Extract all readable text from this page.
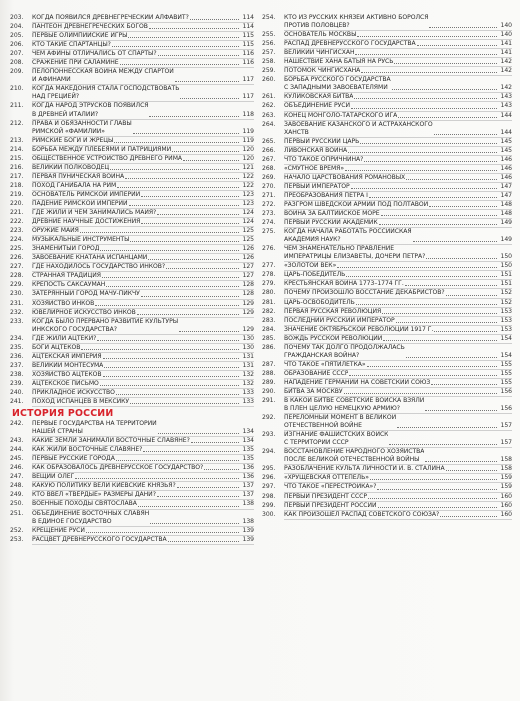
203.	КОГДА ПОЯВИЛСЯ ДРЕВНЕГРЕЧЕСКИЙ АЛФАВИТ?	114
204.	ПАНТЕОН ДРЕВНЕГРЕЧЕСКИХ БОГОВ	114
205.	ПЕРВЫЕ ОЛИМПИЙСКИЕ ИГРЫ	115
206.	КТО ТАКИЕ СПАРТАНЦЫ?	115
207.	ЧЕМ АФИНЫ ОТЛИЧАЛИСЬ ОТ СПАРТЫ?	116
208.	СРАЖЕНИЕ ПРИ САЛАМИНЕ	116
209.	ПЕЛОПОННЕССКАЯ ВОЙНА МЕЖДУ СПАРТОЙ
И АФИНАМИ	117
210.	КОГДА МАКЕДОНИЯ СТАЛА ГОСПОДСТВОВАТЬ
НАД ГРЕЦИЕЙ?	117
211.	КОГДА НАРОД ЭТРУСКОВ ПОЯВИЛСЯ
В ДРЕВНЕЙ ИТАЛИИ?	118
212.	ПРАВА И ОБЯЗАННОСТИ ГЛАВЫ
РИМСКОЙ «ФАМИЛИИ»	119
213.	РИМСКИЕ БОГИ И ЖРЕЦЫ	119
214.	БОРЬБА МЕЖДУ ПЛЕБЕЯМИ И ПАТРИЦИЯМИ	120
215.	ОБЩЕСТВЕННОЕ УСТРОЙСТВО ДРЕВНЕГО РИМА	120
216.	ВЕЛИКИЙ ПОЛКОВОДЕЦ	121
217.	ПЕРВАЯ ПУНИЧЕСКАЯ ВОЙНА	122
218.	ПОХОД ГАНИБАЛА НА РИМ	122
219.	ОСНОВАТЕЛЬ РИМСКОЙ ИМПЕРИИ	123
220.	ПАДЕНИЕ РИМСКОЙ ИМПЕРИИ	123
221.	ГДЕ ЖИЛИ И ЧЕМ ЗАНИМАЛИСЬ МАЙЯ?	124
222.	ДРЕВНИЕ НАУЧНЫЕ ДОСТИЖЕНИЯ	124
223.	ОРУЖИЕ МАЙЯ	125
224.	МУЗЫКАЛЬНЫЕ ИНСТРУМЕНТЫ	125
225.	ЗНАМЕНИТЫЙ ГОРОД	126
226.	ЗАВОЕВАНИЕ КНАТАНА ИСПАНЦАМИ	126
227.	ГДЕ НАХОДИЛОСЬ ГОСУДАРСТВО ИНКОВ?	127
228.	СТРАННАЯ ТРАДИЦИЯ	127
229.	КРЕПОСТЬ САКСАУМАН	128
230.	ЗАТЕРЯННЫЙ ГОРОД МАЧУ-ПИКЧУ	128
231.	ХОЗЯЙСТВО ИНКОВ	129
232.	ЮВЕЛИРНОЕ ИСКУССТВО ИНКОВ	129
233.	КОГДА БЫЛО ПРЕРВАНО РАЗВИТИЕ КУЛЬТУРЫ
ИНКСКОГО ГОСУДАРСТВА?	129
234.	ГДЕ ЖИЛИ АЦТЕКИ?	130
235.	БОГИ АЦТЕКОВ	130
236.	АЦТЕКСКАЯ ИМПЕРИЯ	131
237.	ВЕЛИКИЙ МОНТЕСУМА	131
238.	ХОЗЯЙСТВО АЦТЕКОВ	132
239.	АЦТЕКСКОЕ ПИСЬМО	132
240.	ПРИКЛАДНОЕ ИСКУССТВО	133
241.	ПОХОД ИСПАНЦЕВ В МЕКСИКУ	133
ИСТОРИЯ РОССИИ
242.	ПЕРВЫЕ ГОСУДАРСТВА НА ТЕРРИТОРИИ
НАШЕЙ СТРАНЫ	134
243.	КАКИЕ ЗЕМЛИ ЗАНИМАЛИ ВОСТОЧНЫЕ СЛАВЯНЕ?	134
244.	КАК ЖИЛИ ВОСТОЧНЫЕ СЛАВЯНЕ?	135
245.	ПЕРВЫЕ РУССКИЕ ГОРОДА	135
246.	КАК ОБРАЗОВАЛОСЬ ДРЕВНЕРУССКОЕ ГОСУДАРСТВО?	136
247.	ВЕЩИЙ ОЛЕГ	136
248.	КАКУЮ ПОЛИТИКУ ВЕЛИ КИЕВСКИЕ КНЯЗЬЯ?	137
249.	КТО ВВЁЛ «ТВЁРДЫЕ» РАЗМЕРЫ ДАНИ?	137
250.	ВОЕННЫЕ ПОХОДЫ СВЯТОСЛАВА	138
251.	ОБЪЕДИНЕНИЕ ВОСТОЧНЫХ СЛАВЯН
В ЕДИНОЕ ГОСУДАРСТВО	138
252.	КРЕЩЕНИЕ РУСИ	139
253.	РАСЦВЕТ ДРЕВНЕРУССКОГО ГОСУДАРСТВА	139
254.	КТО ИЗ РУССКИХ КНЯЗЕЙ АКТИВНО БОРОЛСЯ
ПРОТИВ ПОЛОВЦЕВ?	140
255.	ОСНОВАТЕЛЬ МОСКВЫ	140
256.	РАСПАД ДРЕВНЕРУССКОГО ГОСУДАРСТВА	141
257.	ВЕЛИКИЙ ЧИНГИСХАН	141
258.	НАШЕСТВИЕ ХАНА БАТЫЯ НА РУСЬ	142
259.	ПОТОМОК ЧИНГИСХАНА	142
260.	БОРЬБА РУССКОГО ГОСУДАРСТВА
С ЗАПАДНЫМИ ЗАВОЕВАТЕЛЯМИ	142
261.	КУЛИКОВСКАЯ БИТВА	143
262.	ОБЪЕДИНЕНИЕ РУСИ	143
263.	КОНЕЦ МОНГОЛО-ТАТАРСКОГО ИГА	144
264.	ЗАВОЕВАНИЕ КАЗАНСКОГО И АСТРАХАНСКОГО
ХАНСТВ	144
265.	ПЕРВЫЙ РУССКИЙ ЦАРЬ	145
266.	ЛИВОНСКАЯ ВОЙНА	145
267.	ЧТО ТАКОЕ ОПРИЧНИНА?	146
268.	«СМУТНОЕ ВРЕМЯ»	146
269.	НАЧАЛО ЦАРСТВОВАНИЯ РОМАНОВЫХ	146
270.	ПЕРВЫЙ ИМПЕРАТОР	147
271.	ПРЕОБРАЗОВАНИЯ ПЕТРА I	147
272.	РАЗГРОМ ШВЕДСКОЙ АРМИИ ПОД ПОЛТАВОЙ	148
273.	ВОЙНА ЗА БАЛТИЙСКОЕ МОРЕ	148
274.	ПЕРВЫЙ РУССКИЙ АКАДЕМИК	149
275.	КОГДА НАЧАЛА РАБОТАТЬ РОССИЙСКАЯ
АКАДЕМИЯ НАУК?	149
276.	ЧЕМ ЗНАМЕНАТЕЛЬНО ПРАВЛЕНИЕ
ИМПЕРАТРИЦЫ ЕЛИЗАВЕТЫ, ДОЧЕРИ ПЕТРА?	150
277.	«ЗОЛОТОЙ ВЕК»	150
278.	ЦАРЬ-ПОБЕДИТЕЛЬ	151
279.	КРЕСТЬЯНСКАЯ ВОЙНА 1773–1774 ГГ.	151
280.	ПОЧЕМУ ПРОИЗОШЛО ВОССТАНИЕ ДЕКАБРИСТОВ?	152
281.	ЦАРЬ-ОСВОБОДИТЕЛЬ	152
282.	ПЕРВАЯ РУССКАЯ РЕВОЛЮЦИЯ	153
283.	ПОСЛЕДНИЙ РУССКИЙ ИМПЕРАТОР	153
284.	ЗНАЧЕНИЕ ОКТЯБРЬСКОЙ РЕВОЛЮЦИИ 1917 Г.	153
285.	ВОЖДЬ РУССКОЙ РЕВОЛЮЦИИ	154
286.	ПОЧЕМУ ТАК ДОЛГО ПРОДОЛЖАЛАСЬ
ГРАЖДАНСКАЯ ВОЙНА?	154
287.	ЧТО ТАКОЕ «ПЯТИЛЕТКА»	155
288.	ОБРАЗОВАНИЕ СССР	155
289.	НАПАДЕНИЕ ГЕРМАНИИ НА СОВЕТСКИЙ СОЮЗ	155
290.	БИТВА ЗА МОСКВУ	156
291.	В КАКОЙ БИТВЕ СОВЕТСКИЕ ВОЙСКА ВЗЯЛИ
В ПЛЕН ЦЕЛУЮ НЕМЕЦКУЮ АРМИЮ?	156
292.	ПЕРЕЛОМНЫЙ МОМЕНТ В ВЕЛИКОЙ
ОТЕЧЕСТВЕННОЙ ВОЙНЕ	157
293.	ИЗГНАНИЕ ФАШИСТСКИХ ВОЙСК
С ТЕРРИТОРИИ СССР	157
294.	ВОССТАНОВЛЕНИЕ НАРОДНОГО ХОЗЯЙСТВА
ПОСЛЕ ВЕЛИКОЙ ОТЕЧЕСТВЕННОЙ ВОЙНЫ	158
295.	РАЗОБЛАЧЕНИЕ КУЛЬТА ЛИЧНОСТИ И. В. СТАЛИНА	158
296.	«ХРУЩЁВСКАЯ ОТТЕПЕЛЬ»	159
297.	ЧТО ТАКОЕ «ПЕРЕСТРОЙКА»?	159
298.	ПЕРВЫЙ ПРЕЗИДЕНТ СССР	160
299.	ПЕРВЫЙ ПРЕЗИДЕНТ РОССИИ	160
300.	КАК ПРОИЗОШЁЛ РАСПАД СОВЕТСКОГО СОЮЗА?	160
